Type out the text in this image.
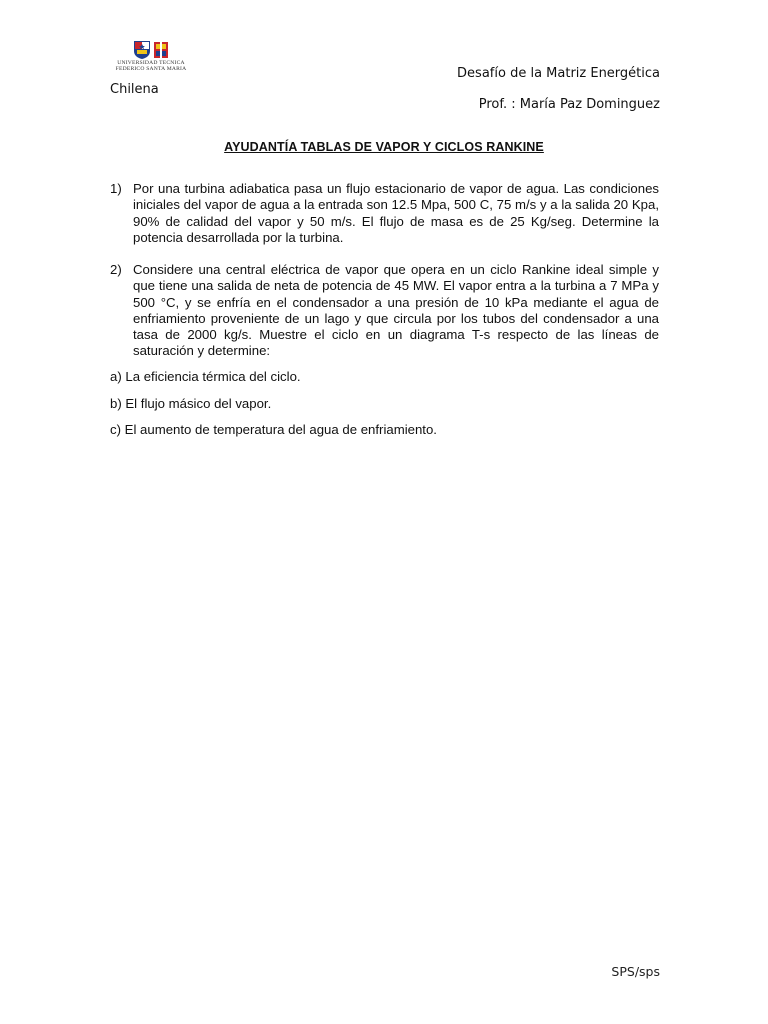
UNIVERSIDAD TECNICA
FEDERICO SANTA MARIA
Chilena
Desafío de la Matriz Energética
Prof. : María Paz Dominguez
AYUDANTÍA TABLAS DE VAPOR Y CICLOS RANKINE
1) Por una turbina adiabatica pasa un flujo estacionario de vapor de agua. Las condiciones iniciales del vapor de agua a la entrada son 12.5 Mpa, 500 C, 75 m/s y a la salida 20 Kpa, 90% de calidad del vapor y 50 m/s. El flujo de masa es de 25 Kg/seg. Determine la potencia desarrollada por la turbina.
2) Considere una central eléctrica de vapor que opera en un ciclo Rankine ideal simple y que tiene una salida de neta de potencia de 45 MW. El vapor entra a la turbina a 7 MPa y 500 °C, y se enfría en el condensador a una presión de 10 kPa mediante el agua de enfriamiento proveniente de un lago y que circula por los tubos del condensador a una tasa de 2000 kg/s. Muestre el ciclo en un diagrama T-s respecto de las líneas de saturación y determine:
a) La eficiencia térmica del ciclo.
b) El flujo másico del vapor.
c) El aumento de temperatura del agua de enfriamiento.
SPS/sps
